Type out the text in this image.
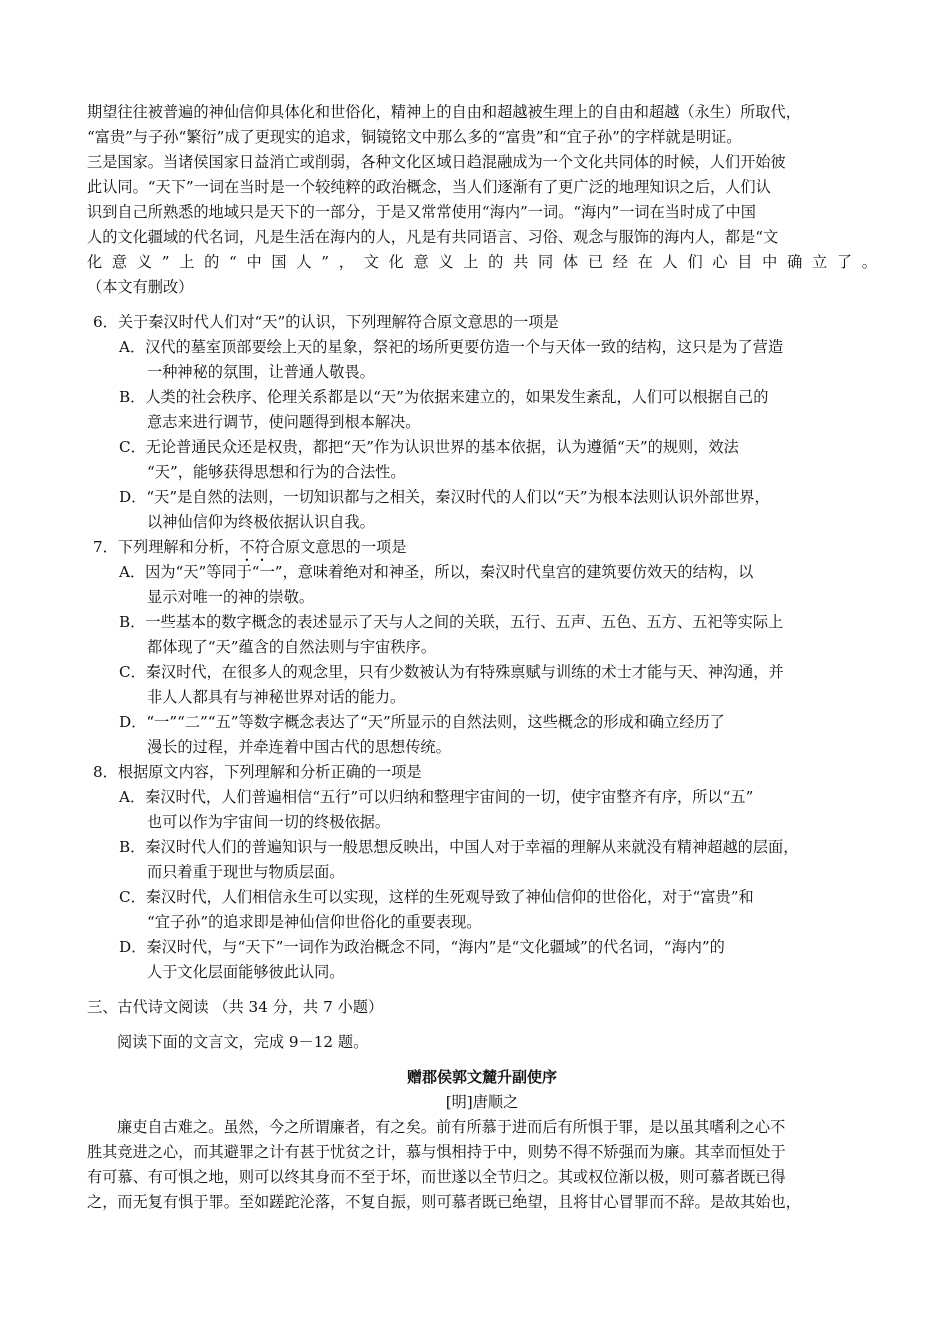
期望往往被普遍的神仙信仰具体化和世俗化，精神上的自由和超越被生理上的自由和超越（永生）所取代，
“富贵”与子孙“繁衍”成了更现实的追求，铜镜铭文中那么多的“富贵”和“宜子孙”的字样就是明证。
三是国家。当诸侯国家日益消亡或削弱，各种文化区域日趋混融成为一个文化共同体的时候，人们开始彼
此认同。“天下”一词在当时是一个较纯粹的政治概念，当人们逐渐有了更广泛的地理知识之后，人们认
识到自己所熟悉的地域只是天下的一部分，于是又常常使用“海内”一词。“海内”一词在当时成了中国
人的文化疆域的代名词，凡是生活在海内的人，凡是有共同语言、习俗、观念与服饰的海内人，都是“文
化意义”上的“中国人”，文化意义上的共同体已经在人们心目中确立了。
（本文有删改）
6．关于秦汉时代人们对“天”的认识，下列理解符合原文意思的一项是
A．汉代的墓室顶部要绘上天的星象，祭祀的场所更要仿造一个与天体一致的结构，这只是为了营造
一种神秘的氛围，让普通人敬畏。
B．人类的社会秩序、伦理关系都是以“天”为依据来建立的，如果发生紊乱，人们可以根据自己的
意志来进行调节，使问题得到根本解决。
C．无论普通民众还是权贵，都把“天”作为认识世界的基本依据，认为遵循“天”的规则，效法
“天”，能够获得思想和行为的合法性。
D．“天”是自然的法则，一切知识都与之相关，秦汉时代的人们以“天”为根本法则认识外部世界，
以神仙信仰为终极依据认识自我。
7．下列理解和分析，不符合原文意思的一项是
A．因为“天”等同于“一”，意味着绝对和神圣，所以，秦汉时代皇宫的建筑要仿效天的结构，以
显示对唯一的神的崇敬。
B．一些基本的数字概念的表述显示了天与人之间的关联，五行、五声、五色、五方、五祀等实际上
都体现了“天”蕴含的自然法则与宇宙秩序。
C．秦汉时代，在很多人的观念里，只有少数被认为有特殊禀赋与训练的术士才能与天、神沟通，并
非人人都具有与神秘世界对话的能力。
D．“一”“二”“五”等数字概念表达了“天”所显示的自然法则，这些概念的形成和确立经历了
漫长的过程，并牵连着中国古代的思想传统。
8．根据原文内容，下列理解和分析正确的一项是
A．秦汉时代，人们普遍相信“五行”可以归纳和整理宇宙间的一切，使宇宙整齐有序，所以“五”
也可以作为宇宙间一切的终极依据。
B．秦汉时代人们的普遍知识与一般思想反映出，中国人对于幸福的理解从来就没有精神超越的层面，
而只着重于现世与物质层面。
C．秦汉时代，人们相信永生可以实现，这样的生死观导致了神仙信仰的世俗化，对于“富贵”和
“宜子孙”的追求即是神仙信仰世俗化的重要表现。
D．秦汉时代，与“天下”一词作为政治概念不同，“海内”是“文化疆域”的代名词，“海内”的
人于文化层面能够彼此认同。
三、古代诗文阅读 （共 34 分，共 7 小题）
阅读下面的文言文，完成 9－12 题。
赠郡侯郭文麓升副使序
[明]唐顺之
廉吏自古难之。虽然，今之所谓廉者，有之矣。前有所慕于进而后有所惧于罪，是以虽其嗜利之心不
胜其竞进之心，而其避罪之计有甚于忧贫之计，慕与惧相持于中，则势不得不矫强而为廉。其幸而恒处于
有可慕、有可惧之地，则可以终其身而不至于坏，而世遂以全节归之。其或权位渐以极，则可慕者既已得
之，而无复有惧于罪。至如蹉跎沦落，不复自振，则可慕者既已绝望，且将甘心冒罪而不辞。是故其始也，
